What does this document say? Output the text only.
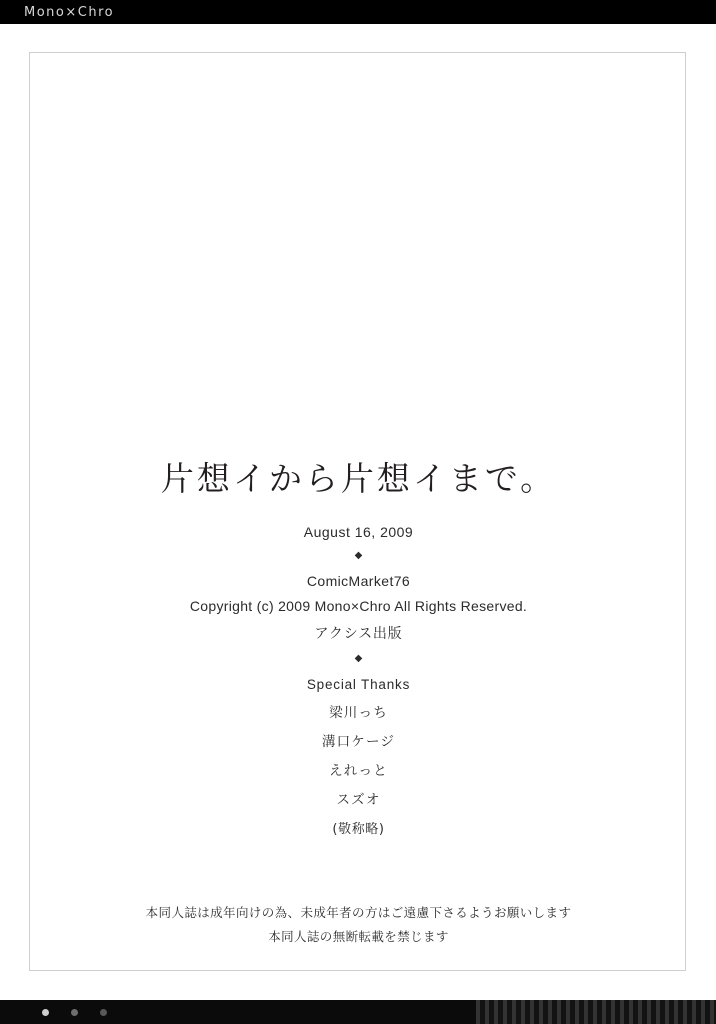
Mono×Chro
片想イから片想イまで。
August 16, 2009
◆
ComicMarket76
Copyright (c) 2009 Mono×Chro All Rights Reserved.
アクシス出版
◆
Special Thanks
梁川っち
溝口ケージ
えれっと
スズオ
(敬称略)
本同人誌は成年向けの為、未成年者の方はご遠慮下さるようお願いします
本同人誌の無断転載を禁じます
